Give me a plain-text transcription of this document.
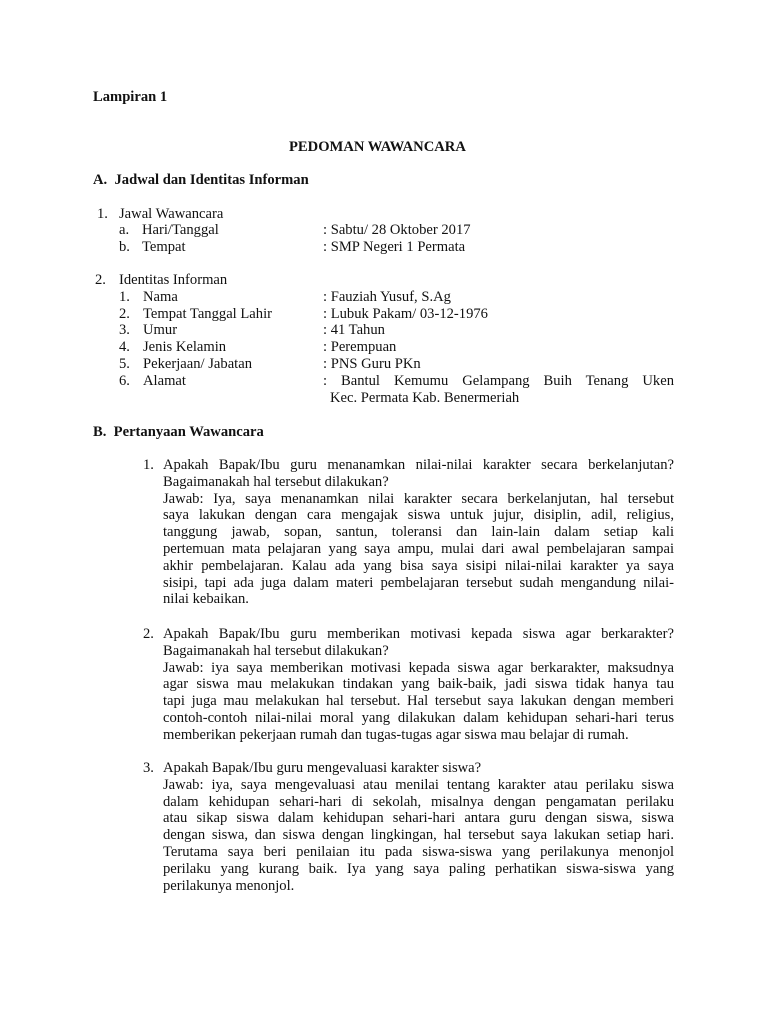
Lampiran 1
PEDOMAN WAWANCARA
A.  Jadwal dan Identitas Informan
1. Jawal Wawancara
a. Hari/Tanggal	: Sabtu/ 28 Oktober 2017
b. Tempat	: SMP Negeri 1 Permata
2. Identitas Informan
1. Nama	: Fauziah Yusuf, S.Ag
2. Tempat Tanggal Lahir	: Lubuk Pakam/ 03-12-1976
3. Umur	: 41 Tahun
4. Jenis Kelamin	: Perempuan
5. Pekerjaan/ Jabatan	: PNS Guru PKn
6. Alamat	: Bantul Kemumu Gelampang Buih Tenang Uken
Kec. Permata Kab. Benermeriah
B.  Pertanyaan Wawancara
1. Apakah Bapak/Ibu guru menanamkan nilai-nilai karakter secara berkelanjutan?
Bagaimanakah hal tersebut dilakukan?
Jawab: Iya, saya menanamkan nilai karakter secara berkelanjutan, hal tersebut
saya lakukan dengan cara mengajak siswa untuk jujur, disiplin, adil, religius,
tanggung jawab, sopan, santun, toleransi dan lain-lain dalam setiap kali
pertemuan mata pelajaran yang saya ampu, mulai dari awal pembelajaran sampai
akhir pembelajaran. Kalau ada yang bisa saya sisipi nilai-nilai karakter ya saya
sisipi, tapi ada juga dalam materi pembelajaran tersebut sudah mengandung nilai-
nilai kebaikan.
2. Apakah Bapak/Ibu guru memberikan motivasi kepada siswa agar berkarakter?
Bagaimanakah hal tersebut dilakukan?
Jawab: iya saya memberikan motivasi kepada siswa agar berkarakter, maksudnya
agar siswa mau melakukan tindakan yang baik-baik, jadi siswa tidak hanya tau
tapi juga mau melakukan hal tersebut. Hal tersebut saya lakukan dengan memberi
contoh-contoh nilai-nilai moral yang dilakukan dalam kehidupan sehari-hari terus
memberikan pekerjaan rumah dan tugas-tugas agar siswa mau belajar di rumah.
3. Apakah Bapak/Ibu guru mengevaluasi karakter siswa?
Jawab: iya, saya mengevaluasi atau menilai tentang karakter atau perilaku siswa
dalam kehidupan sehari-hari di sekolah, misalnya dengan pengamatan perilaku
atau sikap siswa dalam kehidupan sehari-hari antara guru dengan siswa, siswa
dengan siswa, dan siswa dengan lingkingan, hal tersebut saya lakukan setiap hari.
Terutama saya beri penilaian itu pada siswa-siswa yang perilakunya menonjol
perilaku yang kurang baik. Iya yang saya paling perhatikan siswa-siswa yang
perilakunya menonjol.
